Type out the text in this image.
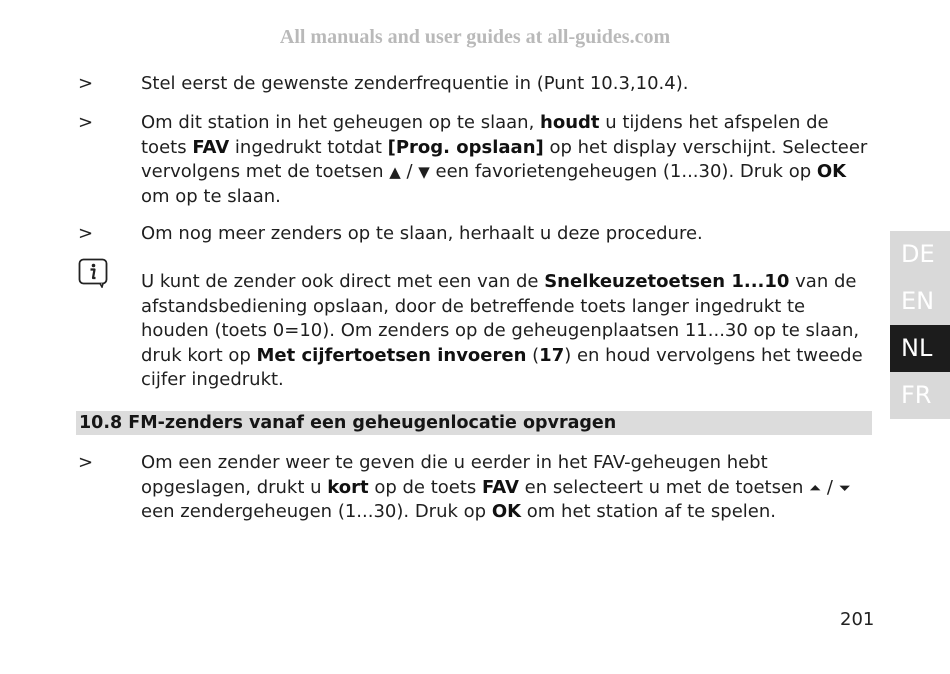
All manuals and user guides at all-guides.com
>	Stel eerst de gewenste zenderfrequentie in (Punt 10.3,10.4).
>	Om dit station in het geheugen op te slaan, houdt u tijdens het afspelen de toets FAV ingedrukt totdat [Prog. opslaan] op het display verschijnt. Selecteer vervolgens met de toetsen ▲ / ▼ een favorietengeheugen (1...30). Druk op OK om op te slaan.
>	Om nog meer zenders op te slaan, herhaalt u deze procedure.
U kunt de zender ook direct met een van de Snelkeuzetoetsen 1...10 van de afstandsbediening opslaan, door de betreffende toets langer ingedrukt te houden (toets 0=10). Om zenders op de geheugenplaatsen 11...30 op te slaan, druk kort op Met cijfertoetsen invoeren (17) en houd vervolgens het tweede cijfer ingedrukt.
10.8 FM-zenders vanaf een geheugenlocatie opvragen
>	Om een zender weer te geven die u eerder in het FAV-geheugen hebt opgeslagen, drukt u kort op de toets FAV en selecteert u met de toetsen ⏶ / ⏷ een zendergeheugen (1...30). Druk op OK om het station af te spelen.
DE
EN
NL
FR
201
